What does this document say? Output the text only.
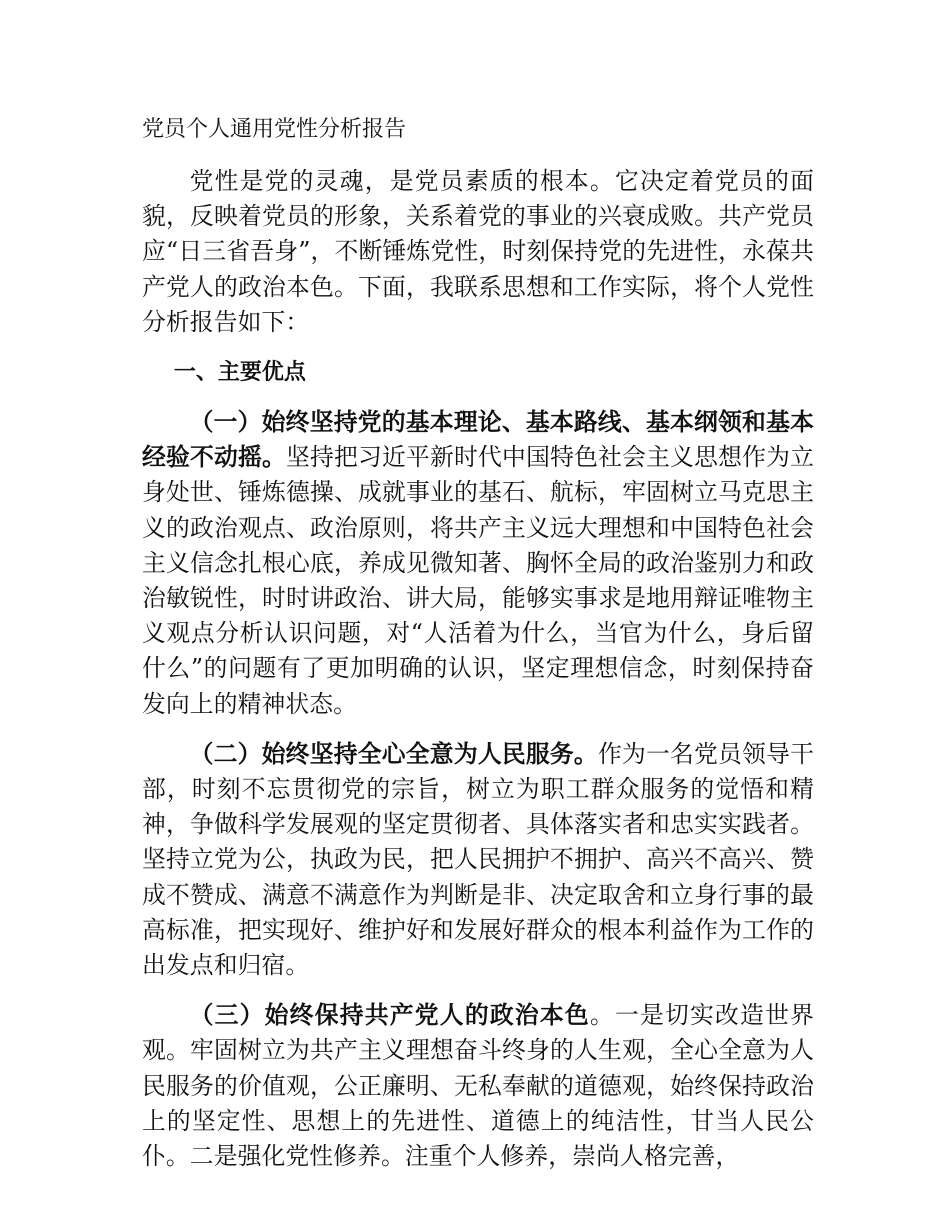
党员个人通用党性分析报告

党性是党的灵魂，是党员素质的根本。它决定着党员的面貌，反映着党员的形象，关系着党的事业的兴衰成败。共产党员应“日三省吾身”，不断锤炼党性，时刻保持党的先进性，永葆共产党人的政治本色。下面，我联系思想和工作实际，将个人党性分析报告如下：

一、主要优点

（一）始终坚持党的基本理论、基本路线、基本纲领和基本经验不动摇。坚持把习近平新时代中国特色社会主义思想作为立身处世、锤炼德操、成就事业的基石、航标，牢固树立马克思主义的政治观点、政治原则，将共产主义远大理想和中国特色社会主义信念扎根心底，养成见微知著、胸怀全局的政治鉴别力和政治敏锐性，时时讲政治、讲大局，能够实事求是地用辩证唯物主义观点分析认识问题，对“人活着为什么，当官为什么，身后留什么”的问题有了更加明确的认识，坚定理想信念，时刻保持奋发向上的精神状态。

（二）始终坚持全心全意为人民服务。作为一名党员领导干部，时刻不忘贯彻党的宗旨，树立为职工群众服务的觉悟和精神，争做科学发展观的坚定贯彻者、具体落实者和忠实实践者。坚持立党为公，执政为民，把人民拥护不拥护、高兴不高兴、赞成不赞成、满意不满意作为判断是非、决定取舍和立身行事的最高标准，把实现好、维护好和发展好群众的根本利益作为工作的出发点和归宿。

（三）始终保持共产党人的政治本色。一是切实改造世界观。牢固树立为共产主义理想奋斗终身的人生观，全心全意为人民服务的价值观，公正廉明、无私奉献的道德观，始终保持政治上的坚定性、思想上的先进性、道德上的纯洁性，甘当人民公仆。二是强化党性修养。注重个人修养，崇尚人格完善，
